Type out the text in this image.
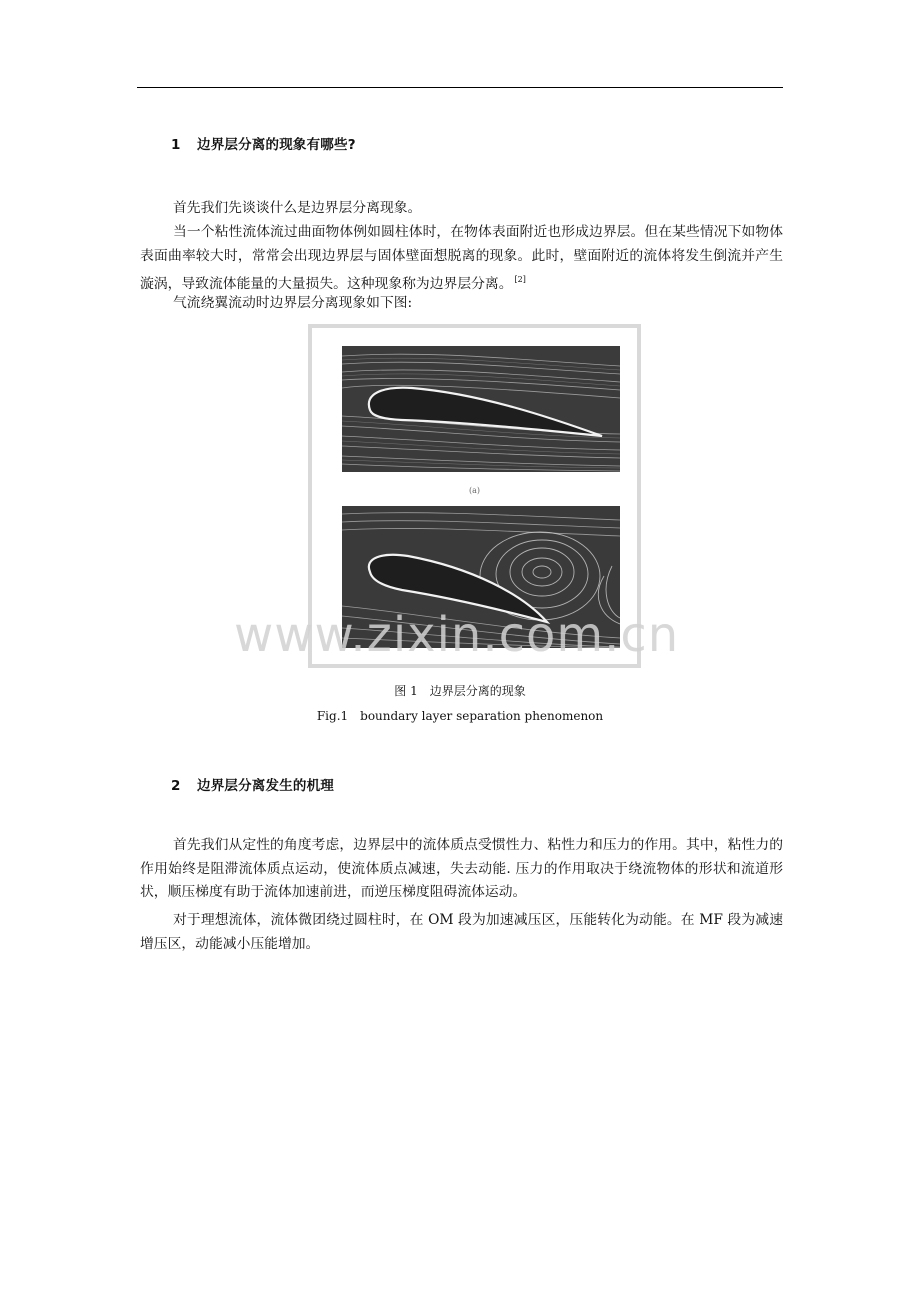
1 边界层分离的现象有哪些?

首先我们先谈谈什么是边界层分离现象。

当一个粘性流体流过曲面物体例如圆柱体时，在物体表面附近也形成边界层。但在某些情况下如物体表面曲率较大时，常常会出现边界层与固体壁面想脱离的现象。此时，壁面附近的流体将发生倒流并产生漩涡，导致流体能量的大量损失。这种现象称为边界层分离。 [2]

气流绕翼流动时边界层分离现象如下图:

(a)
www.zixin.com.cn
图 1　边界层分离的现象
Fig.1　boundary layer separation phenomenon
2 边界层分离发生的机理

首先我们从定性的角度考虑，边界层中的流体质点受惯性力、粘性力和压力的作用。其中，粘性力的作用始终是阻滞流体质点运动，使流体质点减速，失去动能. 压力的作用取决于绕流物体的形状和流道形状，顺压梯度有助于流体加速前进，而逆压梯度阻碍流体运动。

对于理想流体，流体微团绕过圆柱时，在 OM 段为加速减压区，压能转化为动能。在 MF 段为减速增压区，动能减小压能增加。
